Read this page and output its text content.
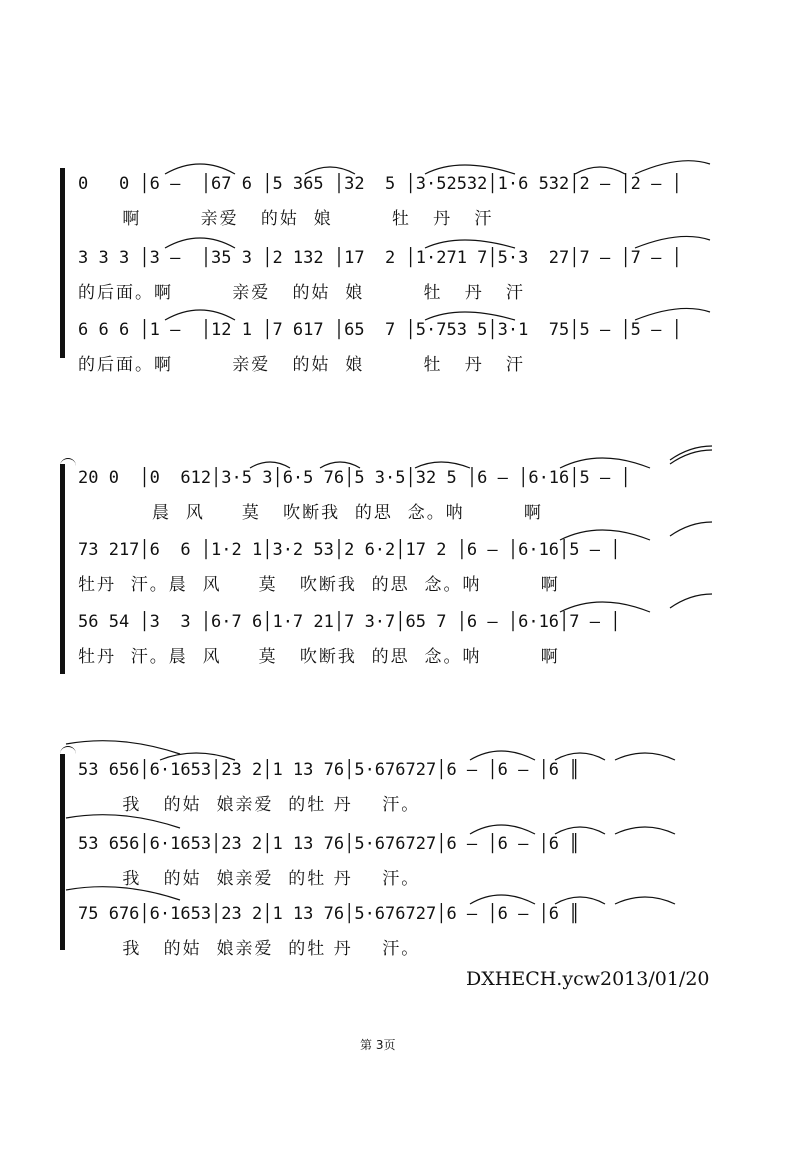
0   0 │6 –  │67 6 │5 365 │32  5 │3·52532│1·6 532│2 – │2 – │
啊        亲爱   的姑  娘        牡   丹   汗
3 3 3 │3 –  │35 3 │2 132 │17  2 │1·271 7│5·3  27│7 – │7 – │
的后面。啊        亲爱   的姑  娘        牡   丹   汗
6 6 6 │1 –  │12 1 │7 617 │65  7 │5·753 5│3·1  75│5 – │5 – │
的后面。啊        亲爱   的姑  娘        牡   丹   汗
20 0  │0  612│3·5 3│6·5 76│5 3·5│32 5 │6 – │6·16│5 – │
晨  风     莫   吹断我  的思  念。呐        啊
73 217│6  6 │1·2 1│3·2 53│2 6·2│17 2 │6 – │6·16│5 – │
牡丹  汗。晨  风     莫   吹断我  的思  念。呐        啊
56 54 │3  3 │6·7 6│1·7 21│7 3·7│65 7 │6 – │6·16│7 – │
牡丹  汗。晨  风     莫   吹断我  的思  念。呐        啊
53 656│6·1653│23 2│1 13 76│5·676727│6 – │6 – │6 ║
我   的姑  娘亲爱  的牡 丹    汗。
53 656│6·1653│23 2│1 13 76│5·676727│6 – │6 – │6 ║
我   的姑  娘亲爱  的牡 丹    汗。
75 676│6·1653│23 2│1 13 76│5·676727│6 – │6 – │6 ║
我   的姑  娘亲爱  的牡 丹    汗。
DXHECH.ycw2013/01/20
第 3页
